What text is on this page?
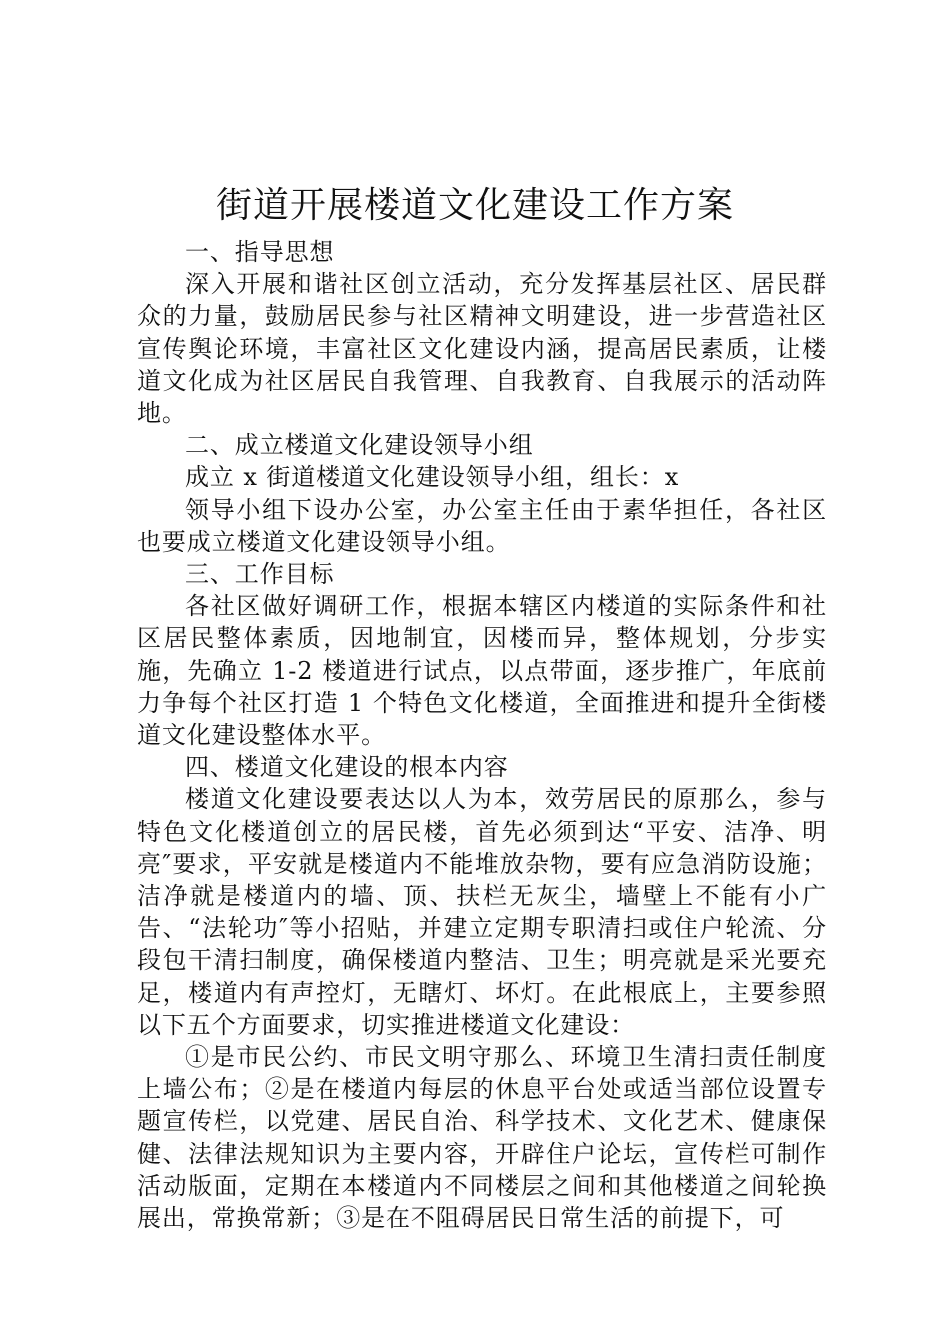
街道开展楼道文化建设工作方案

一、指导思想

深入开展和谐社区创立活动，充分发挥基层社区、居民群众的力量，鼓励居民参与社区精神文明建设，进一步营造社区宣传舆论环境，丰富社区文化建设内涵，提高居民素质，让楼道文化成为社区居民自我管理、自我教育、自我展示的活动阵地。

二、成立楼道文化建设领导小组

成立 x 街道楼道文化建设领导小组，组长：x

领导小组下设办公室，办公室主任由于素华担任，各社区也要成立楼道文化建设领导小组。

三、工作目标

各社区做好调研工作，根据本辖区内楼道的实际条件和社区居民整体素质，因地制宜，因楼而异，整体规划，分步实施，先确立 1-2 楼道进行试点，以点带面，逐步推广，年底前力争每个社区打造 1 个特色文化楼道，全面推进和提升全街楼道文化建设整体水平。

四、楼道文化建设的根本内容

楼道文化建设要表达以人为本，效劳居民的原那么，参与特色文化楼道创立的居民楼，首先必须到达“平安、洁净、明亮″要求，平安就是楼道内不能堆放杂物，要有应急消防设施；洁净就是楼道内的墙、顶、扶栏无灰尘，墙壁上不能有小广告、“法轮功″等小招贴，并建立定期专职清扫或住户轮流、分段包干清扫制度，确保楼道内整洁、卫生；明亮就是采光要充足，楼道内有声控灯，无瞎灯、坏灯。在此根底上，主要参照以下五个方面要求，切实推进楼道文化建设：

①是市民公约、市民文明守那么、环境卫生清扫责任制度上墙公布；②是在楼道内每层的休息平台处或适当部位设置专题宣传栏，以党建、居民自治、科学技术、文化艺术、健康保健、法律法规知识为主要内容，开辟住户论坛，宣传栏可制作活动版面，定期在本楼道内不同楼层之间和其他楼道之间轮换展出，常换常新；③是在不阻碍居民日常生活的前提下，可
